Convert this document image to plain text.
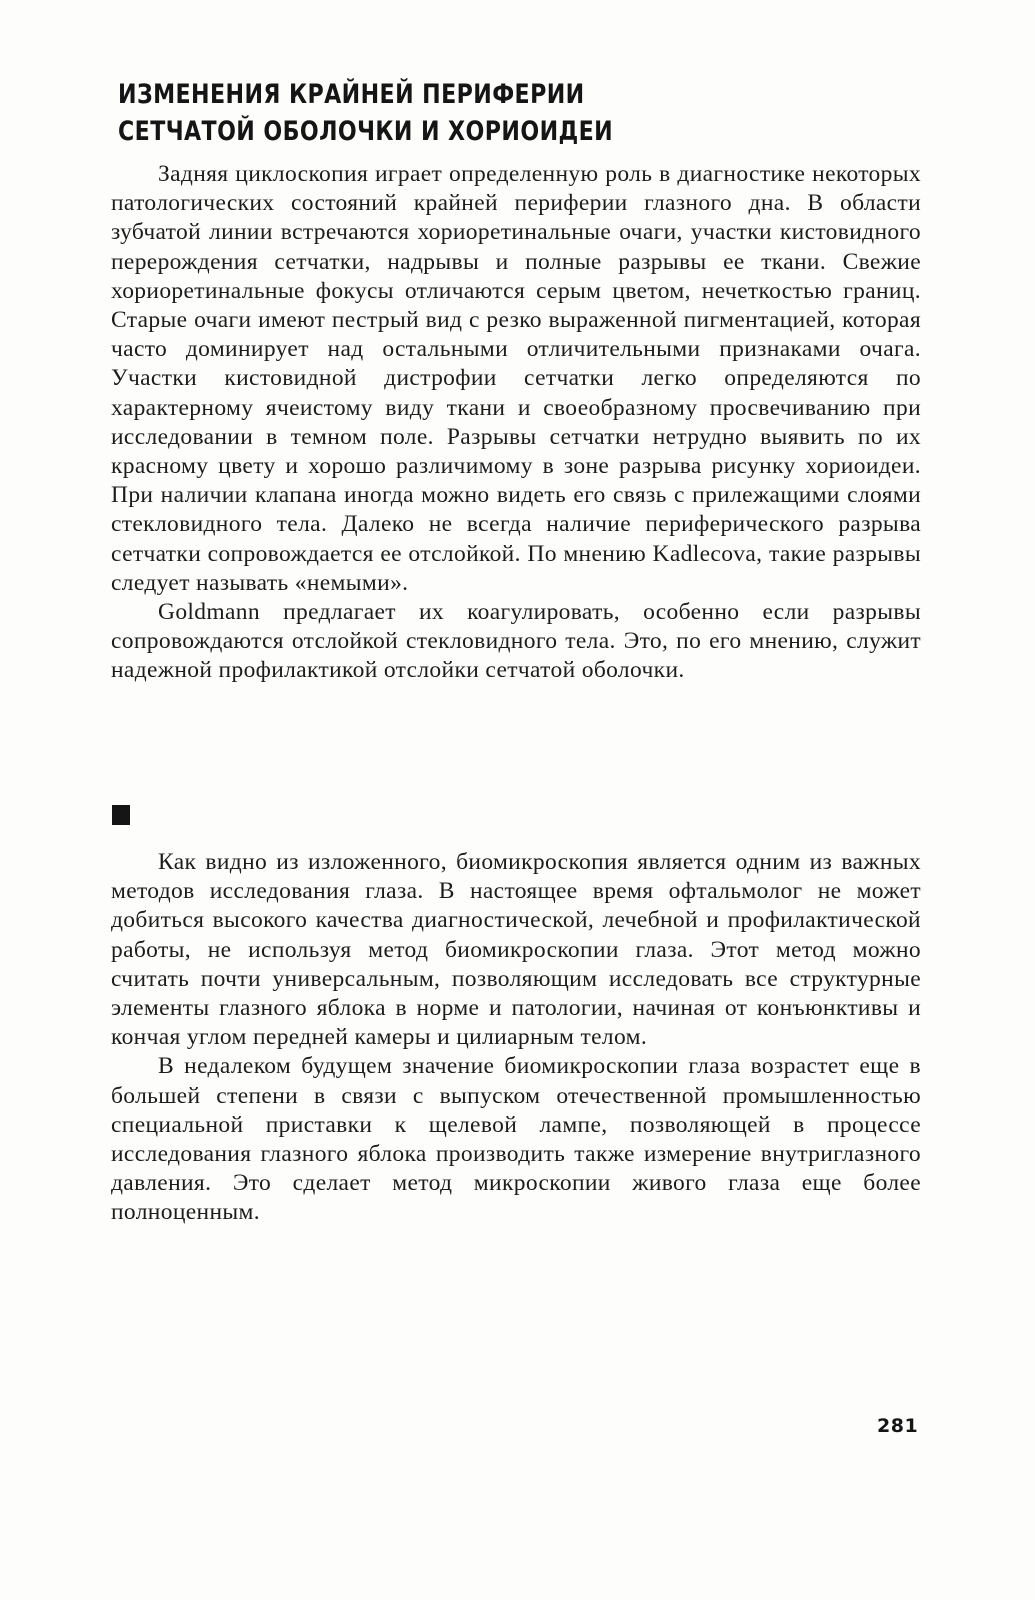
ИЗМЕНЕНИЯ КРАЙНЕЙ ПЕРИФЕРИИ
СЕТЧАТОЙ ОБОЛОЧКИ И ХОРИОИДЕИ

Задняя циклоскопия играет определенную роль в диагностике некоторых патологических состояний крайней периферии глазного дна. В области зубчатой линии встречаются хориоретинальные очаги, участки кистовидного перерождения сетчатки, надрывы и полные разрывы ее ткани. Свежие хориоретинальные фокусы отличаются серым цветом, нечеткостью границ. Старые очаги имеют пестрый вид с резко выраженной пигментацией, которая часто доминирует над остальными отличительными признаками очага. Участки кистовидной дистрофии сетчатки легко определяются по характерному ячеистому виду ткани и своеобразному просвечиванию при исследовании в темном поле. Разрывы сетчатки нетрудно выявить по их красному цвету и хорошо различимому в зоне разрыва рисунку хориоидеи. При наличии клапана иногда можно видеть его связь с прилежащими слоями стекловидного тела. Далеко не всегда наличие периферического разрыва сетчатки сопровождается ее отслойкой. По мнению Kadlecova, такие разрывы следует называть «немыми».

Goldmann предлагает их коагулировать, особенно если разрывы сопровождаются отслойкой стекловидного тела. Это, по его мнению, служит надежной профилактикой отслойки сетчатой оболочки.

Как видно из изложенного, биомикроскопия является одним из важных методов исследования глаза. В настоящее время офтальмолог не может добиться высокого качества диагностической, лечебной и профилактической работы, не используя метод биомикроскопии глаза. Этот метод можно считать почти универсальным, позволяющим исследовать все структурные элементы глазного яблока в норме и патологии, начиная от конъюнктивы и кончая углом передней камеры и цилиарным телом.

В недалеком будущем значение биомикроскопии глаза возрастет еще в большей степени в связи с выпуском отечественной промышленностью специальной приставки к щелевой лампе, позволяющей в процессе исследования глазного яблока производить также измерение внутриглазного давления. Это сделает метод микроскопии живого глаза еще более полноценным.

281
